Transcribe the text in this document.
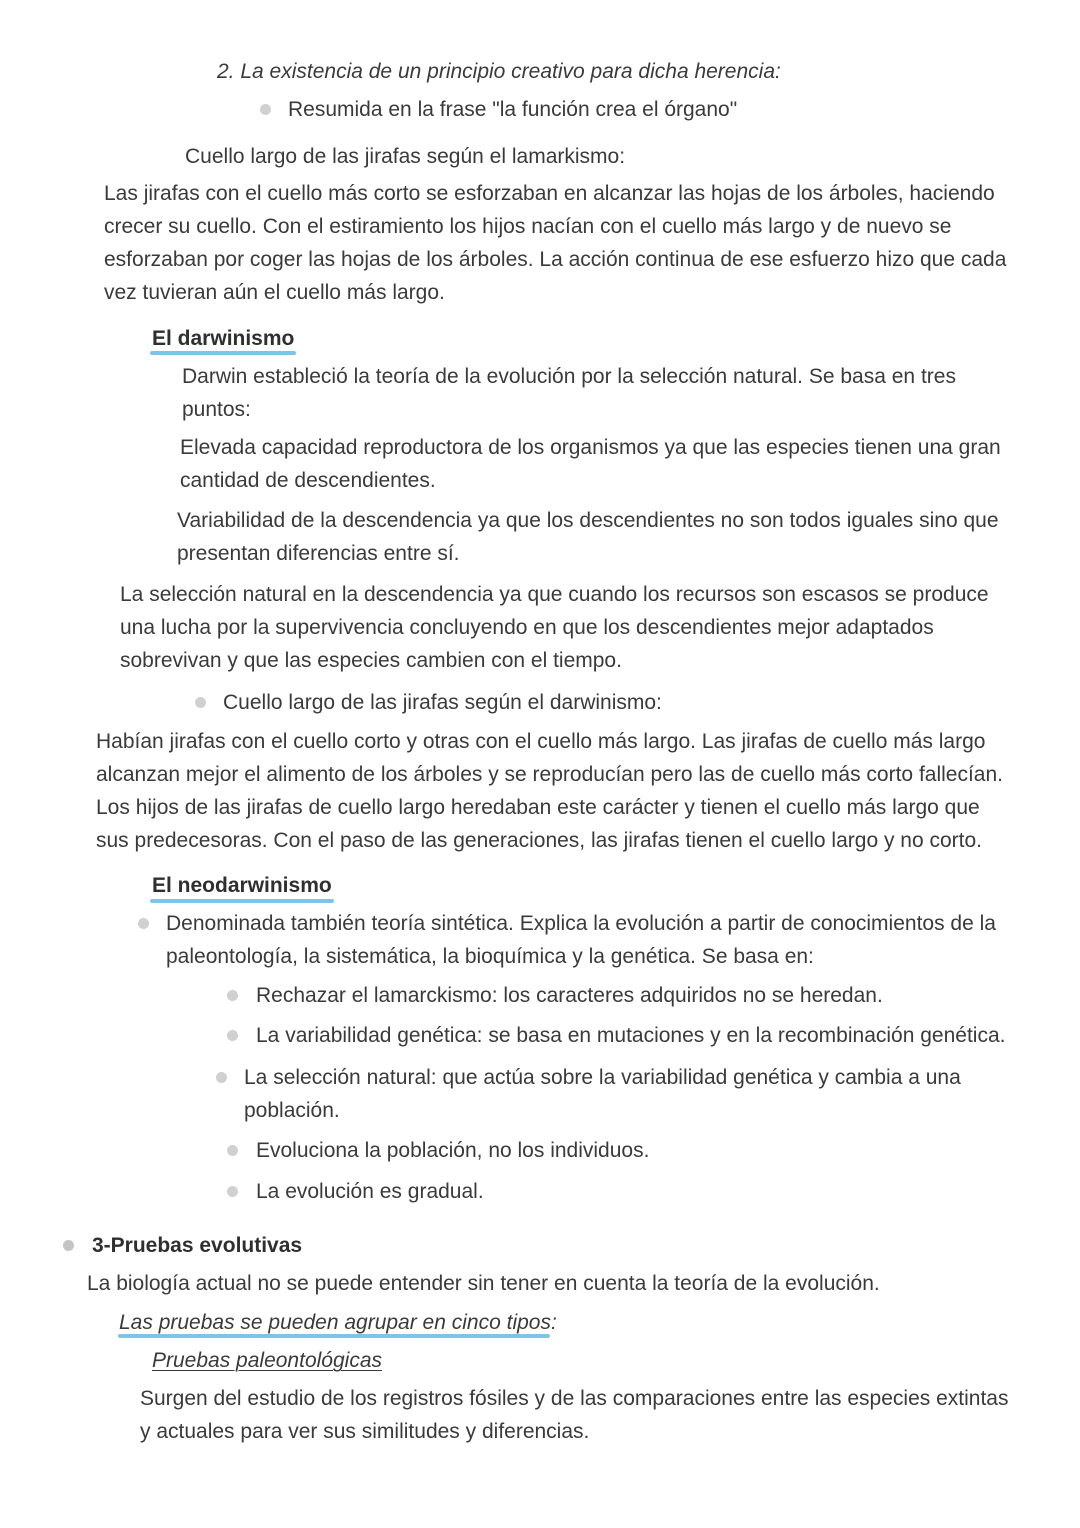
2. La existencia de un principio creativo para dicha herencia:

Resumida en la frase "la función crea el órgano"

Cuello largo de las jirafas según el lamarkismo:

Las jirafas con el cuello más corto se esforzaban en alcanzar las hojas de los árboles, haciendo

crecer su cuello. Con el estiramiento los hijos nacían con el cuello más largo y de nuevo se

esforzaban por coger las hojas de los árboles. La acción continua de ese esfuerzo hizo que cada

vez tuvieran aún el cuello más largo.

El darwinismo

Darwin estableció la teoría de la evolución por la selección natural. Se basa en tres

puntos:

Elevada capacidad reproductora de los organismos ya que las especies tienen una gran

cantidad de descendientes.

Variabilidad de la descendencia ya que los descendientes no son todos iguales sino que

presentan diferencias entre sí.

La selección natural en la descendencia ya que cuando los recursos son escasos se produce

una lucha por la supervivencia concluyendo en que los descendientes mejor adaptados

sobrevivan y que las especies cambien con el tiempo.

Cuello largo de las jirafas según el darwinismo:

Habían jirafas con el cuello corto y otras con el cuello más largo. Las jirafas de cuello más largo

alcanzan mejor el alimento de los árboles y se reproducían pero las de cuello más corto fallecían.

Los hijos de las jirafas de cuello largo heredaban este carácter y tienen el cuello más largo que

sus predecesoras. Con el paso de las generaciones, las jirafas tienen el cuello largo y no corto.

El neodarwinismo

Denominada también teoría sintética. Explica la evolución a partir de conocimientos de la

paleontología, la sistemática, la bioquímica y la genética. Se basa en:

Rechazar el lamarckismo: los caracteres adquiridos no se heredan.

La variabilidad genética: se basa en mutaciones y en la recombinación genética.

La selección natural: que actúa sobre la variabilidad genética y cambia a una

población.

Evoluciona la población, no los individuos.

La evolución es gradual.

3-Pruebas evolutivas

La biología actual no se puede entender sin tener en cuenta la teoría de la evolución.

Las pruebas se pueden agrupar en cinco tipos:

Pruebas paleontológicas

Surgen del estudio de los registros fósiles y de las comparaciones entre las especies extintas

y actuales para ver sus similitudes y diferencias.
